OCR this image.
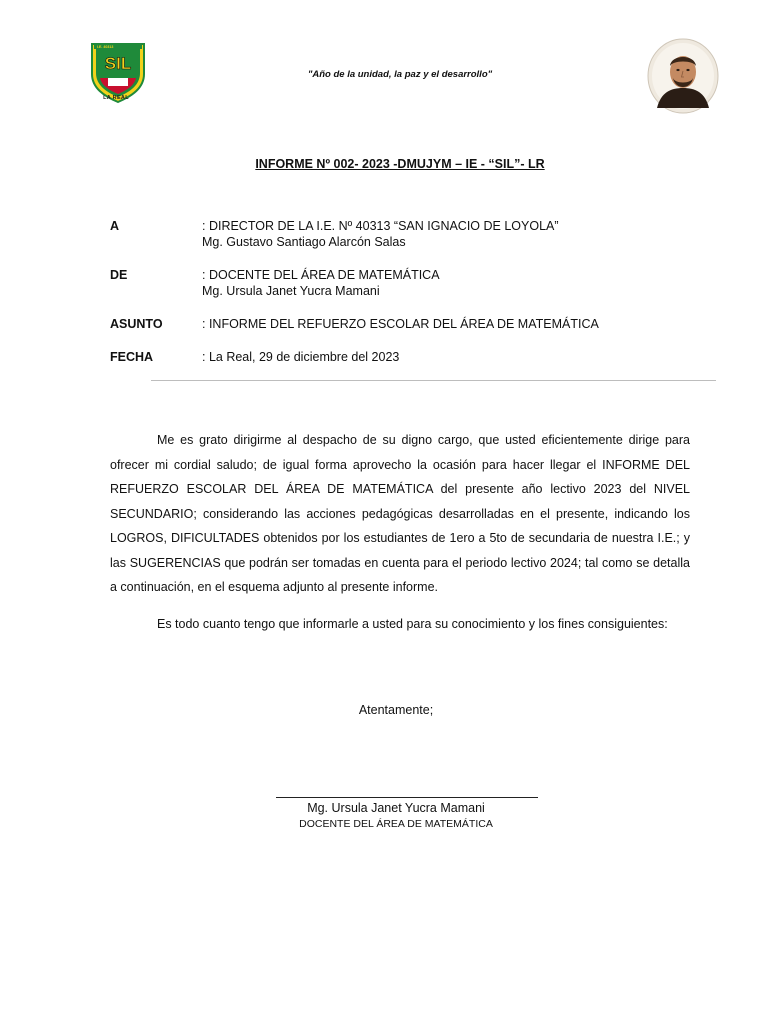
I.E. 40313
SIL
LA REAL
"Año de la unidad, la paz y el desarrollo"
INFORME Nº 002- 2023 -DMUJYM – IE - “SIL”- LR
A	: DIRECTOR DE LA I.E. Nº 40313 “SAN IGNACIO DE LOYOLA”
Mg. Gustavo Santiago Alarcón Salas
DE	: DOCENTE DEL ÁREA DE MATEMÁTICA
Mg. Ursula Janet Yucra Mamani
ASUNTO	: INFORME DEL REFUERZO ESCOLAR DEL ÁREA DE MATEMÁTICA
FECHA	: La Real, 29 de diciembre del 2023

Me es grato dirigirme al despacho de su digno cargo, que usted eficientemente dirige para ofrecer mi cordial saludo; de igual forma aprovecho la ocasión para hacer llegar el INFORME DEL REFUERZO ESCOLAR DEL ÁREA DE MATEMÁTICA del presente año lectivo 2023 del NIVEL SECUNDARIO; considerando las acciones pedagógicas desarrolladas en el presente, indicando los LOGROS, DIFICULTADES obtenidos por los estudiantes de 1ero a 5to de secundaria de nuestra I.E.; y las SUGERENCIAS que podrán ser tomadas en cuenta para el periodo lectivo 2024; tal como se detalla a continuación, en el esquema adjunto al presente informe.

Es todo cuanto tengo que informarle a usted para su conocimiento y los fines consiguientes:

Atentamente;
Mg. Ursula Janet Yucra Mamani
DOCENTE DEL ÁREA DE MATEMÁTICA
